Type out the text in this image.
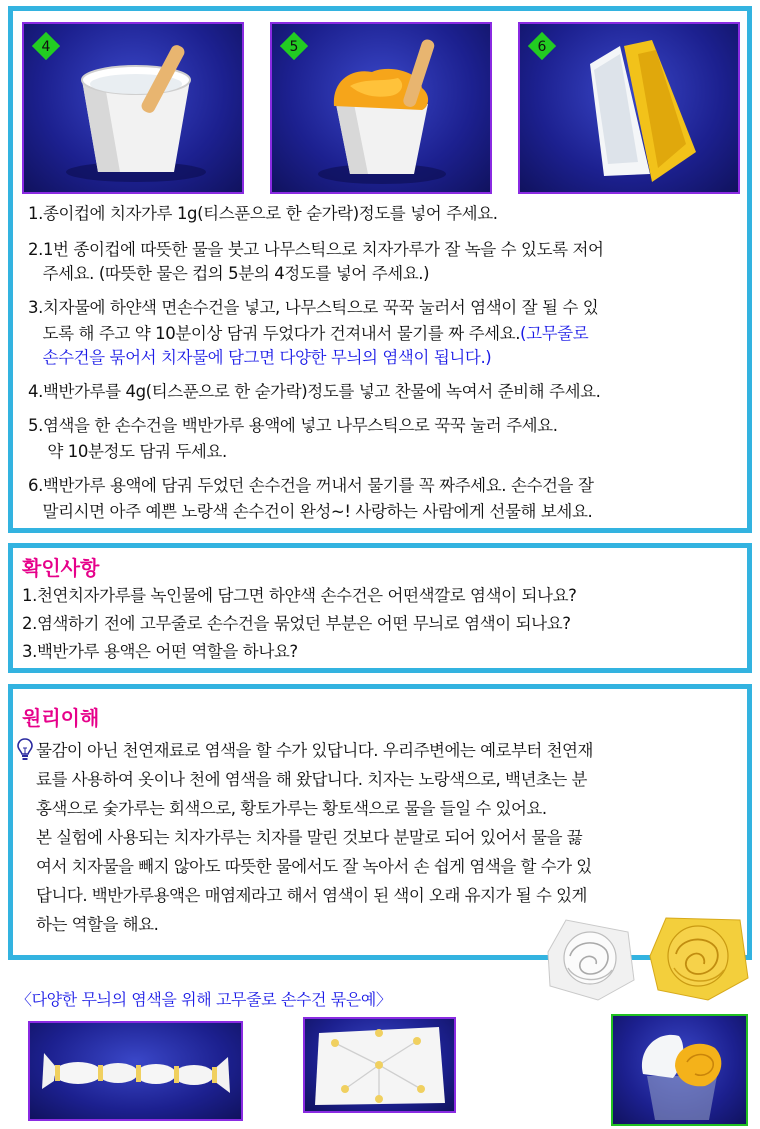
4	5	6
1.종이컵에 치자가루 1g(티스푼으로 한 숟가락)정도를 넣어 주세요.
2.1번 종이컵에 따뜻한 물을 붓고 나무스틱으로 치자가루가 잘 녹을 수 있도록 저어
주세요. (따뜻한 물은 컵의 5분의 4정도를 넣어 주세요.)
3.치자물에 하얀색 면손수건을 넣고, 나무스틱으로 꾹꾹 눌러서 염색이 잘 될 수 있
도록 해 주고 약 10분이상 담궈 두었다가 건져내서 물기를 짜 주세요.(고무줄로
손수건을 묶어서 치자물에 담그면 다양한 무늬의 염색이 됩니다.)
4.백반가루를 4g(티스푼으로 한 숟가락)정도를 넣고 찬물에 녹여서 준비해 주세요.
5.염색을 한 손수건을 백반가루 용액에 넣고 나무스틱으로 꾹꾹 눌러 주세요.
약 10분정도 담궈 두세요.
6.백반가루 용액에 담궈 두었던 손수건을 꺼내서 물기를 꼭 짜주세요. 손수건을 잘
말리시면 아주 예쁜 노랑색 손수건이 완성~! 사랑하는 사람에게 선물해 보세요.
확인사항
1.천연치자가루를 녹인물에 담그면 하얀색 손수건은 어떤색깔로 염색이 되나요?
2.염색하기 전에 고무줄로 손수건을 묶었던 부분은 어떤 무늬로 염색이 되나요?
3.백반가루 용액은 어떤 역할을 하나요?
원리이해
물감이 아닌 천연재료로 염색을 할 수가 있답니다. 우리주변에는 예로부터 천연재
료를 사용하여 옷이나 천에 염색을 해 왔답니다. 치자는 노랑색으로, 백년초는 분
홍색으로 숯가루는 회색으로, 황토가루는 황토색으로 물을 들일 수 있어요.
본 실험에 사용되는 치자가루는 치자를 말린 것보다 분말로 되어 있어서 물을 끓
여서 치자물을 빼지 않아도 따뜻한 물에서도 잘 녹아서 손 쉽게 염색을 할 수가 있
답니다. 백반가루용액은 매염제라고 해서 염색이 된 색이 오래 유지가 될 수 있게
하는 역할을 해요.
〈다양한 무늬의 염색을 위해 고무줄로 손수건 묶은예〉
